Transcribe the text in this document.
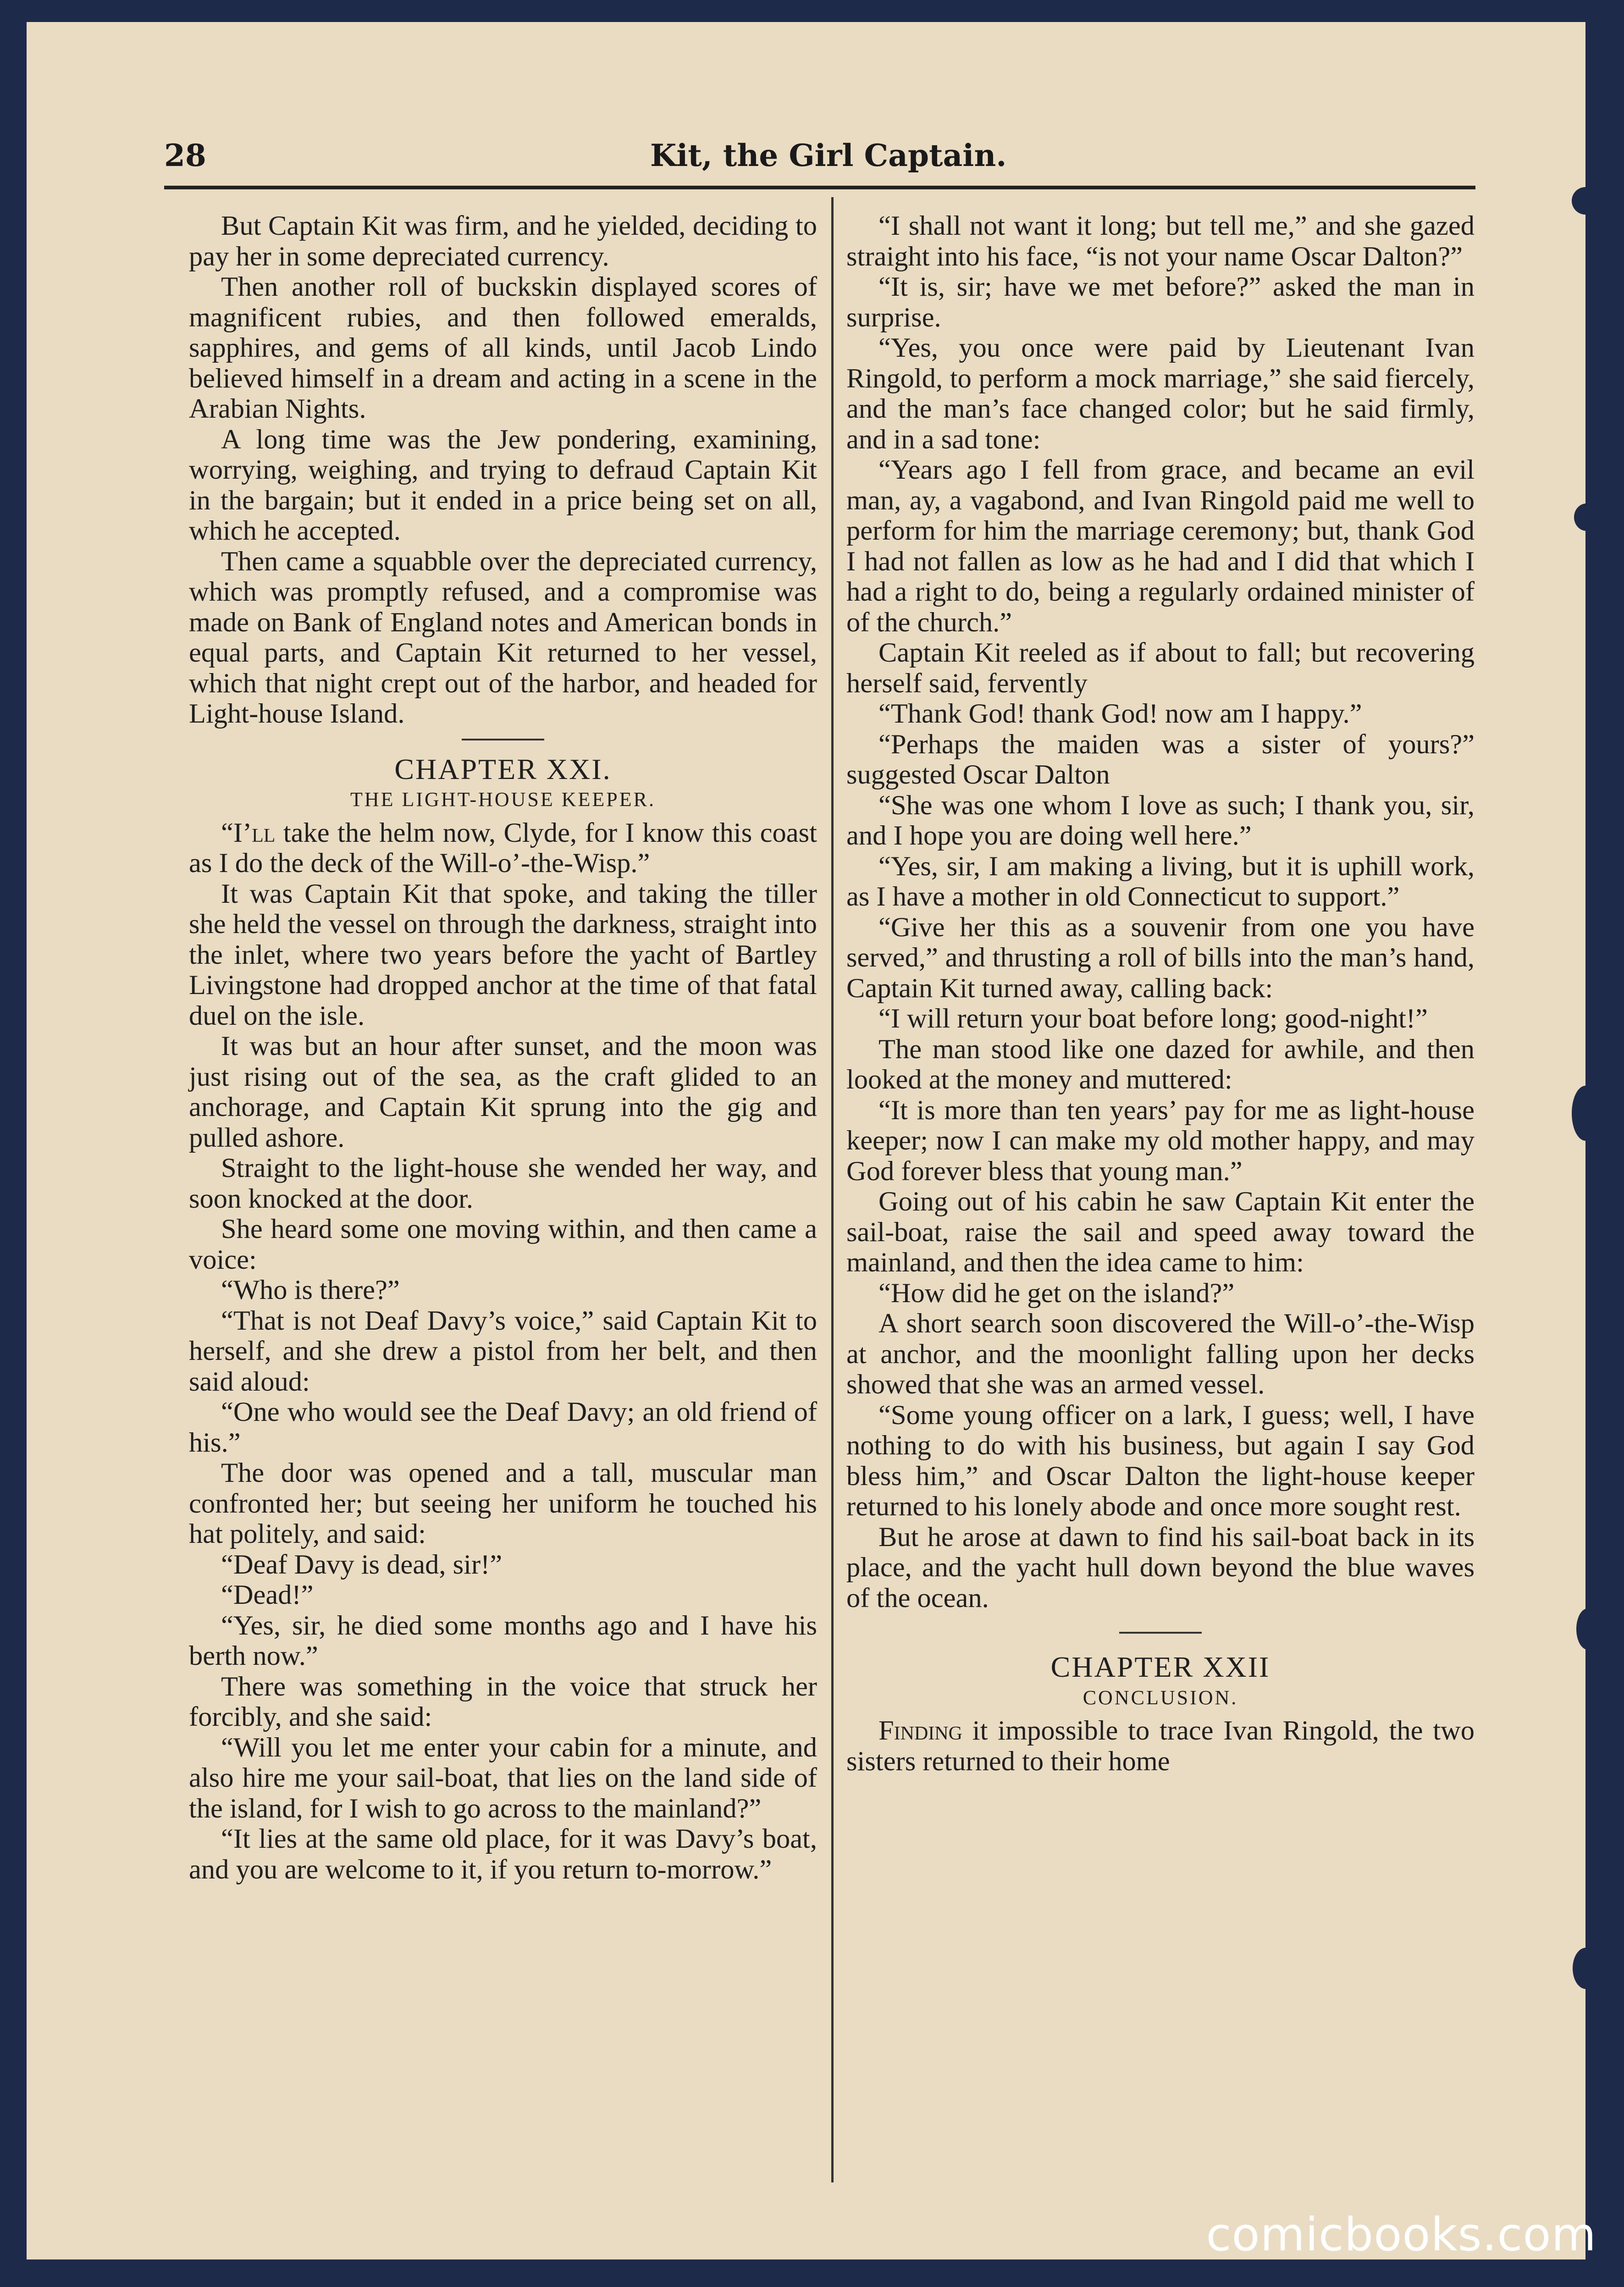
28	Kit, the Girl Captain.

But Captain Kit was firm, and he yielded, deciding to pay her in some depreciated currency.

Then another roll of buckskin displayed scores of magnificent rubies, and then followed emeralds, sapphires, and gems of all kinds, until Jacob Lindo believed himself in a dream and acting in a scene in the Arabian Nights.

A long time was the Jew pondering, examining, worrying, weighing, and trying to defraud Captain Kit in the bargain; but it ended in a price being set on all, which he accepted.

Then came a squabble over the depreciated currency, which was promptly refused, and a compromise was made on Bank of England notes and American bonds in equal parts, and Captain Kit returned to her vessel, which that night crept out of the harbor, and headed for Light-house Island.

CHAPTER XXI.
THE LIGHT-HOUSE KEEPER.

“I’ll take the helm now, Clyde, for I know this coast as I do the deck of the Will-o’-the-Wisp.”

It was Captain Kit that spoke, and taking the tiller she held the vessel on through the darkness, straight into the inlet, where two years before the yacht of Bartley Livingstone had dropped anchor at the time of that fatal duel on the isle.

It was but an hour after sunset, and the moon was just rising out of the sea, as the craft glided to an anchorage, and Captain Kit sprung into the gig and pulled ashore.

Straight to the light-house she wended her way, and soon knocked at the door.

She heard some one moving within, and then came a voice:

“Who is there?”

“That is not Deaf Davy’s voice,” said Captain Kit to herself, and she drew a pistol from her belt, and then said aloud:

“One who would see the Deaf Davy; an old friend of his.”

The door was opened and a tall, muscular man confronted her; but seeing her uniform he touched his hat politely, and said:

“Deaf Davy is dead, sir!”

“Dead!”

“Yes, sir, he died some months ago and I have his berth now.”

There was something in the voice that struck her forcibly, and she said:

“Will you let me enter your cabin for a minute, and also hire me your sail-boat, that lies on the land side of the island, for I wish to go across to the mainland?”

“It lies at the same old place, for it was Davy’s boat, and you are welcome to it, if you return to-morrow.”

“I shall not want it long; but tell me,” and she gazed straight into his face, “is not your name Oscar Dalton?”

“It is, sir; have we met before?” asked the man in surprise.

“Yes, you once were paid by Lieutenant Ivan Ringold, to perform a mock marriage,” she said fiercely, and the man’s face changed color; but he said firmly, and in a sad tone:

“Years ago I fell from grace, and became an evil man, ay, a vagabond, and Ivan Ringold paid me well to perform for him the marriage ceremony; but, thank God I had not fallen as low as he had and I did that which I had a right to do, being a regularly ordained minister of of the church.”

Captain Kit reeled as if about to fall; but recovering herself said, fervently

“Thank God! thank God! now am I happy.”

“Perhaps the maiden was a sister of yours?” suggested Oscar Dalton

“She was one whom I love as such; I thank you, sir, and I hope you are doing well here.”

“Yes, sir, I am making a living, but it is uphill work, as I have a mother in old Connecticut to support.”

“Give her this as a souvenir from one you have served,” and thrusting a roll of bills into the man’s hand, Captain Kit turned away, calling back:

“I will return your boat before long; good-night!”

The man stood like one dazed for awhile, and then looked at the money and muttered:

“It is more than ten years’ pay for me as light-house keeper; now I can make my old mother happy, and may God forever bless that young man.”

Going out of his cabin he saw Captain Kit enter the sail-boat, raise the sail and speed away toward the mainland, and then the idea came to him:

“How did he get on the island?”

A short search soon discovered the Will-o’-the-Wisp at anchor, and the moonlight falling upon her decks showed that she was an armed vessel.

“Some young officer on a lark, I guess; well, I have nothing to do with his business, but again I say God bless him,” and Oscar Dalton the light-house keeper returned to his lonely abode and once more sought rest.

But he arose at dawn to find his sail-boat back in its place, and the yacht hull down beyond the blue waves of the ocean.

CHAPTER XXII
CONCLUSION.

Finding it impossible to trace Ivan Ringold, the two sisters returned to their home

comicbooks.com
